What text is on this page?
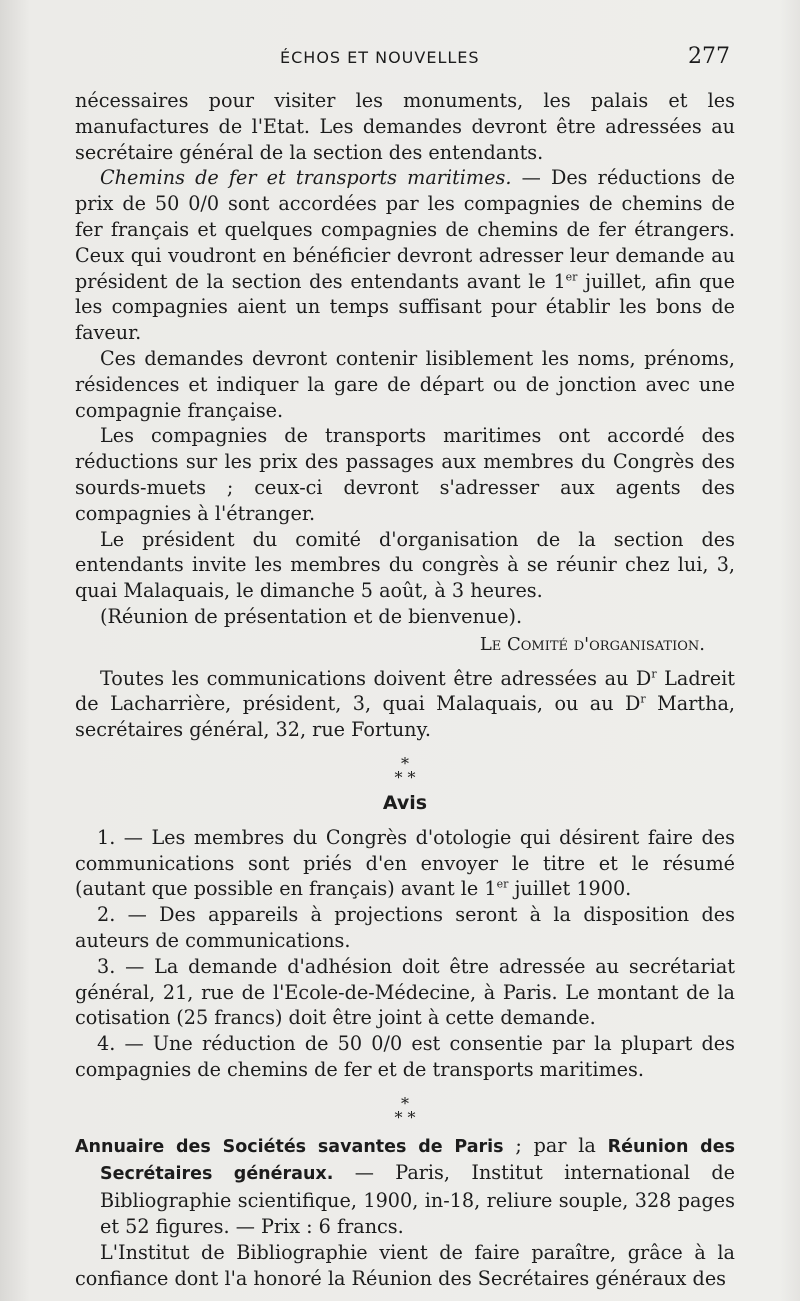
ÉCHOS ET NOUVELLES	277

nécessaires pour visiter les monuments, les palais et les manufactures de l'Etat. Les demandes devront être adressées au secrétaire général de la section des entendants.

Chemins de fer et transports maritimes. — Des réductions de prix de 50 0/0 sont accordées par les compagnies de chemins de fer français et quelques compagnies de chemins de fer étrangers. Ceux qui voudront en bénéficier devront adresser leur demande au président de la section des entendants avant le 1er juillet, afin que les compagnies aient un temps suffisant pour établir les bons de faveur.

Ces demandes devront contenir lisiblement les noms, prénoms, résidences et indiquer la gare de départ ou de jonction avec une compagnie française.

Les compagnies de transports maritimes ont accordé des réductions sur les prix des passages aux membres du Congrès des sourds-muets ; ceux-ci devront s'adresser aux agents des compagnies à l'étranger.

Le président du comité d'organisation de la section des entendants invite les membres du congrès à se réunir chez lui, 3, quai Malaquais, le dimanche 5 août, à 3 heures.

(Réunion de présentation et de bienvenue).

Le Comité d'organisation.

Toutes les communications doivent être adressées au $D^r$ Ladreit de Lacharrière, président, 3, quai Malaquais, ou au $D^r$ Martha, secrétaires général, 32, rue Fortuny.

*
* *
Avis

1. — Les membres du Congrès d'otologie qui désirent faire des communications sont priés d'en envoyer le titre et le résumé (autant que possible en français) avant le 1er juillet 1900.

2. — Des appareils à projections seront à la disposition des auteurs de communications.

3. — La demande d'adhésion doit être adressée au secrétariat général, 21, rue de l'Ecole-de-Médecine, à Paris. Le montant de la cotisation (25 francs) doit être joint à cette demande.

4. — Une réduction de 50 0/0 est consentie par la plupart des compagnies de chemins de fer et de transports maritimes.

*
* *

Annuaire des Sociétés savantes de Paris ; par la Réunion des Secrétaires généraux. — Paris, Institut international de Bibliographie scientifique, 1900, in-18, reliure souple, 328 pages et 52 figures. — Prix : 6 francs.

L'Institut de Bibliographie vient de faire paraître, grâce à la confiance dont l'a honoré la Réunion des Secrétaires généraux des
